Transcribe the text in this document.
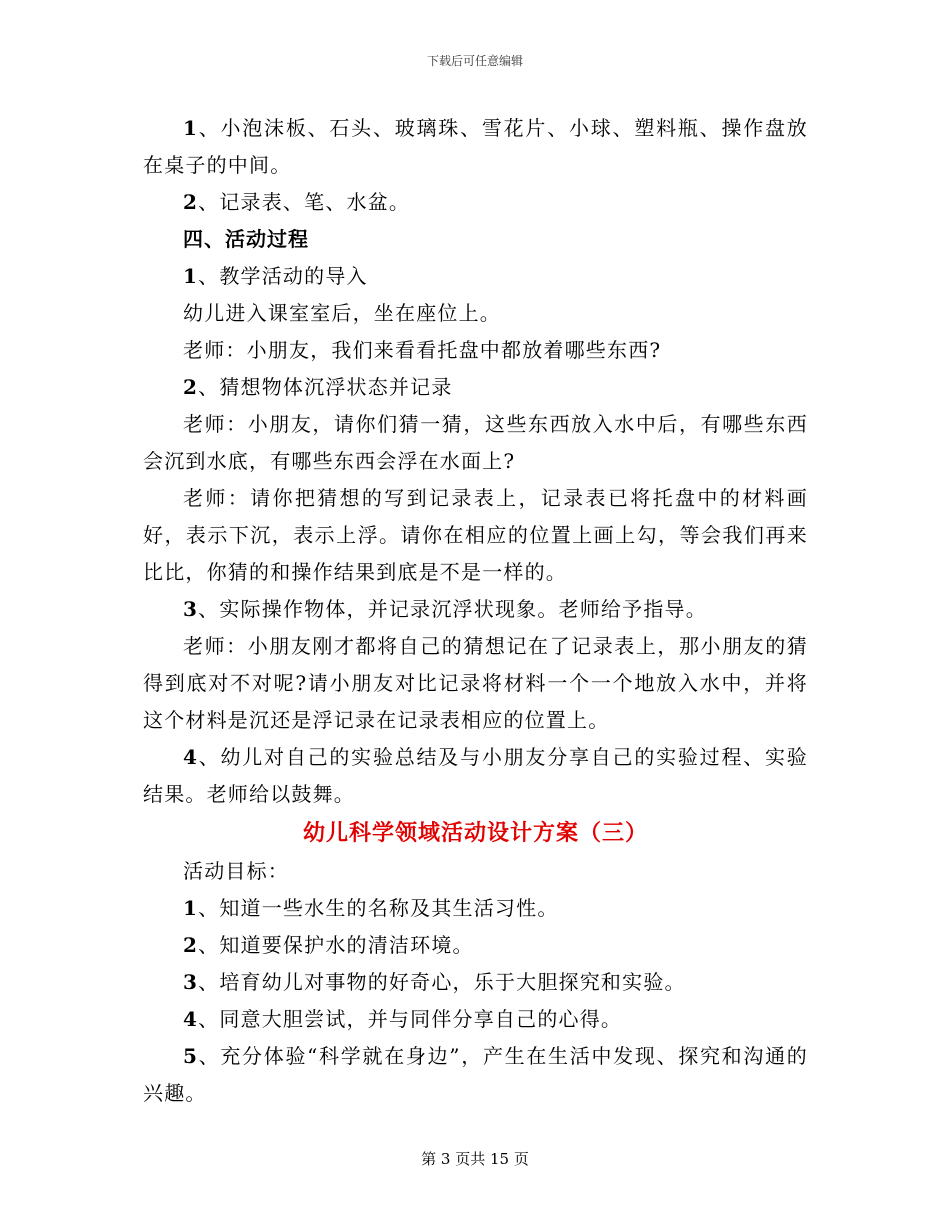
下载后可任意编辑

1、小泡沫板、石头、玻璃珠、雪花片、小球、塑料瓶、操作盘放在桌子的中间。

2、记录表、笔、水盆。

四、活动过程

1、教学活动的导入

幼儿进入课室室后，坐在座位上。

老师：小朋友，我们来看看托盘中都放着哪些东西?

2、猜想物体沉浮状态并记录

老师：小朋友，请你们猜一猜，这些东西放入水中后，有哪些东西会沉到水底，有哪些东西会浮在水面上?

老师：请你把猜想的写到记录表上，记录表已将托盘中的材料画好，表示下沉，表示上浮。请你在相应的位置上画上勾，等会我们再来比比，你猜的和操作结果到底是不是一样的。

3、实际操作物体，并记录沉浮状现象。老师给予指导。

老师：小朋友刚才都将自己的猜想记在了记录表上，那小朋友的猜得到底对不对呢?请小朋友对比记录将材料一个一个地放入水中，并将这个材料是沉还是浮记录在记录表相应的位置上。

4、幼儿对自己的实验总结及与小朋友分享自己的实验过程、实验结果。老师给以鼓舞。

幼儿科学领域活动设计方案（三）

活动目标：

1、知道一些水生的名称及其生活习性。

2、知道要保护水的清洁环境。

3、培育幼儿对事物的好奇心，乐于大胆探究和实验。

4、同意大胆尝试，并与同伴分享自己的心得。

5、充分体验“科学就在身边”，产生在生活中发现、探究和沟通的兴趣。

第 3 页共 15 页
